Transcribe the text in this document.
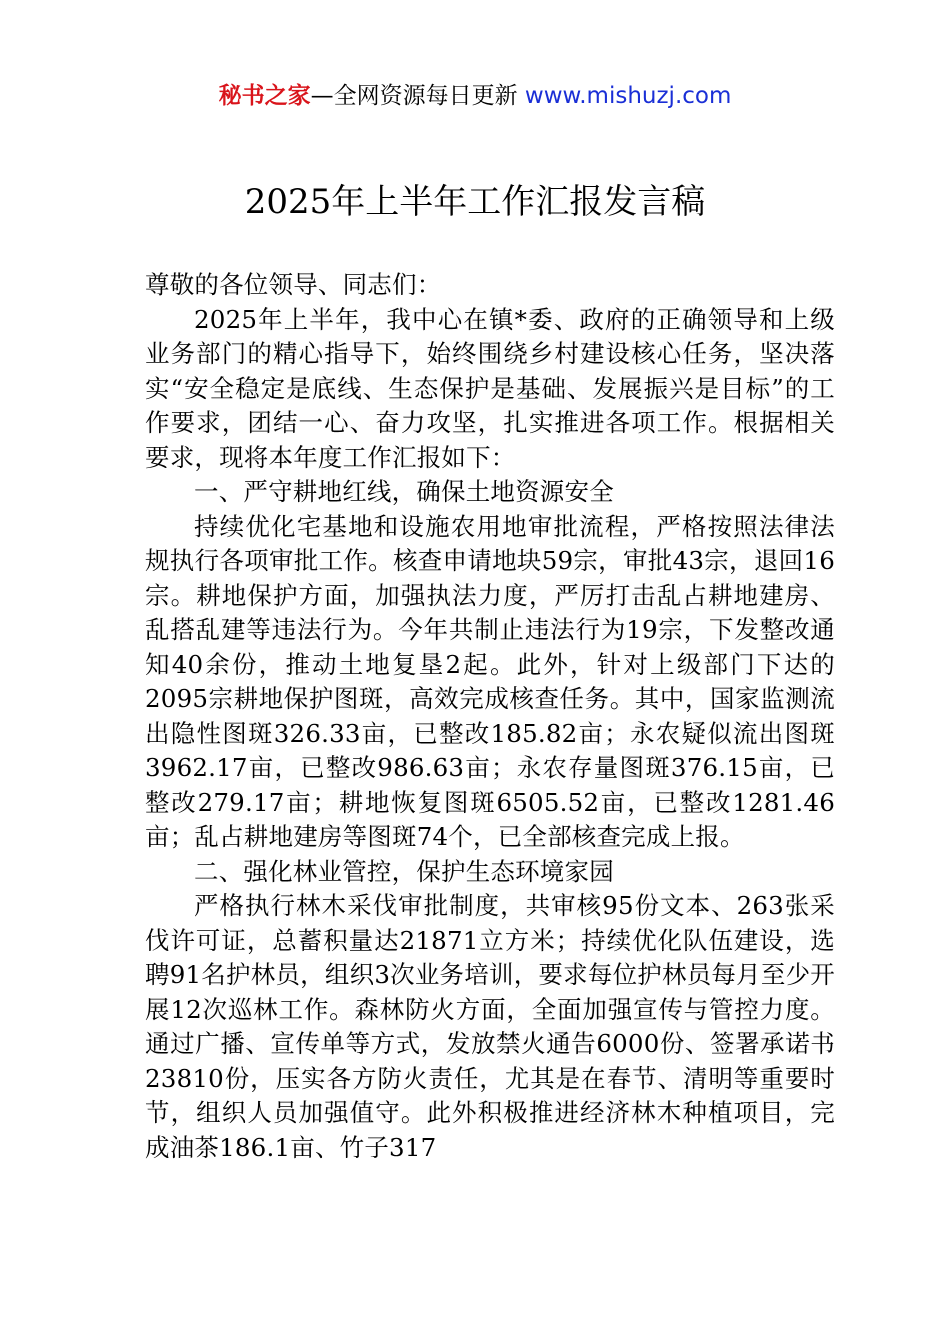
秘书之家—全网资源每日更新 www.mishuzj.com
2025年上半年工作汇报发言稿

尊敬的各位领导、同志们：

2025年上半年，我中心在镇*委、政府的正确领导和上级业务部门的精心指导下，始终围绕乡村建设核心任务，坚决落实“安全稳定是底线、生态保护是基础、发展振兴是目标”的工作要求，团结一心、奋力攻坚，扎实推进各项工作。根据相关要求，现将本年度工作汇报如下：

一、严守耕地红线，确保土地资源安全

持续优化宅基地和设施农用地审批流程，严格按照法律法规执行各项审批工作。核查申请地块59宗，审批43宗，退回16宗。耕地保护方面，加强执法力度，严厉打击乱占耕地建房、乱搭乱建等违法行为。今年共制止违法行为19宗，下发整改通知40余份，推动土地复垦2起。此外，针对上级部门下达的2095宗耕地保护图斑，高效完成核查任务。其中，国家监测流出隐性图斑326.33亩，已整改185.82亩；永农疑似流出图斑3962.17亩，已整改986.63亩；永农存量图斑376.15亩，已整改279.17亩；耕地恢复图斑6505.52亩，已整改1281.46亩；乱占耕地建房等图斑74个，已全部核查完成上报。

二、强化林业管控，保护生态环境家园

严格执行林木采伐审批制度，共审核95份文本、263张采伐许可证，总蓄积量达21871立方米；持续优化队伍建设，选聘91名护林员，组织3次业务培训，要求每位护林员每月至少开展12次巡林工作。森林防火方面，全面加强宣传与管控力度。通过广播、宣传单等方式，发放禁火通告6000份、签署承诺书23810份，压实各方防火责任，尤其是在春节、清明等重要时节，组织人员加强值守。此外积极推进经济林木种植项目，完成油茶186.1亩、竹子317
